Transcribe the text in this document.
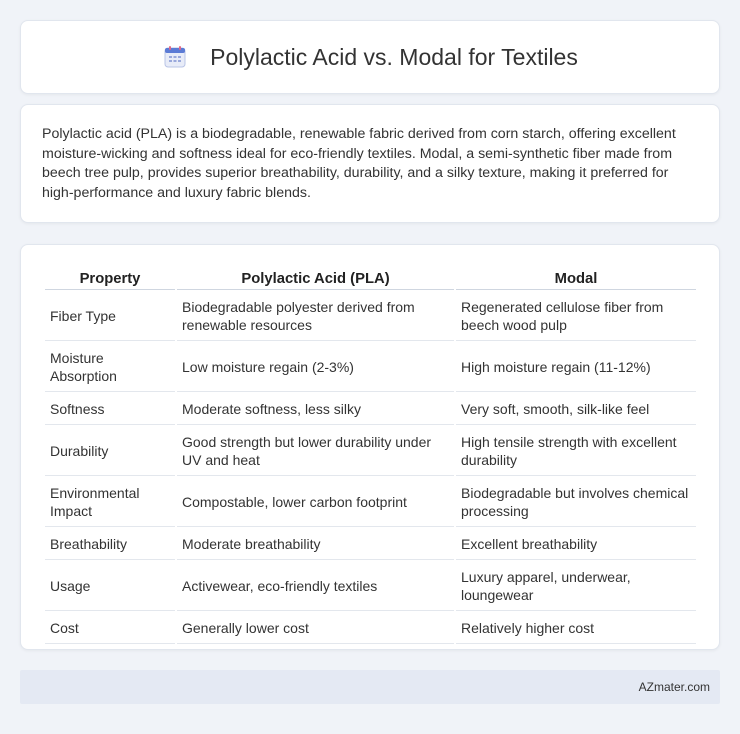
Polylactic Acid vs. Modal for Textiles

Polylactic acid (PLA) is a biodegradable, renewable fabric derived from corn starch, offering excellent moisture-wicking and softness ideal for eco-friendly textiles. Modal, a semi-synthetic fiber made from beech tree pulp, provides superior breathability, durability, and a silky texture, making it preferred for high-performance and luxury fabric blends.

Property	Polylactic Acid (PLA)	Modal
Fiber Type	Biodegradable polyester derived from renewable resources	Regenerated cellulose fiber from beech wood pulp
Moisture Absorption	Low moisture regain (2-3%)	High moisture regain (11-12%)
Softness	Moderate softness, less silky	Very soft, smooth, silk-like feel
Durability	Good strength but lower durability under UV and heat	High tensile strength with excellent durability
Environmental Impact	Compostable, lower carbon footprint	Biodegradable but involves chemical processing
Breathability	Moderate breathability	Excellent breathability
Usage	Activewear, eco-friendly textiles	Luxury apparel, underwear, loungewear
Cost	Generally lower cost	Relatively higher cost
AZmater.com
